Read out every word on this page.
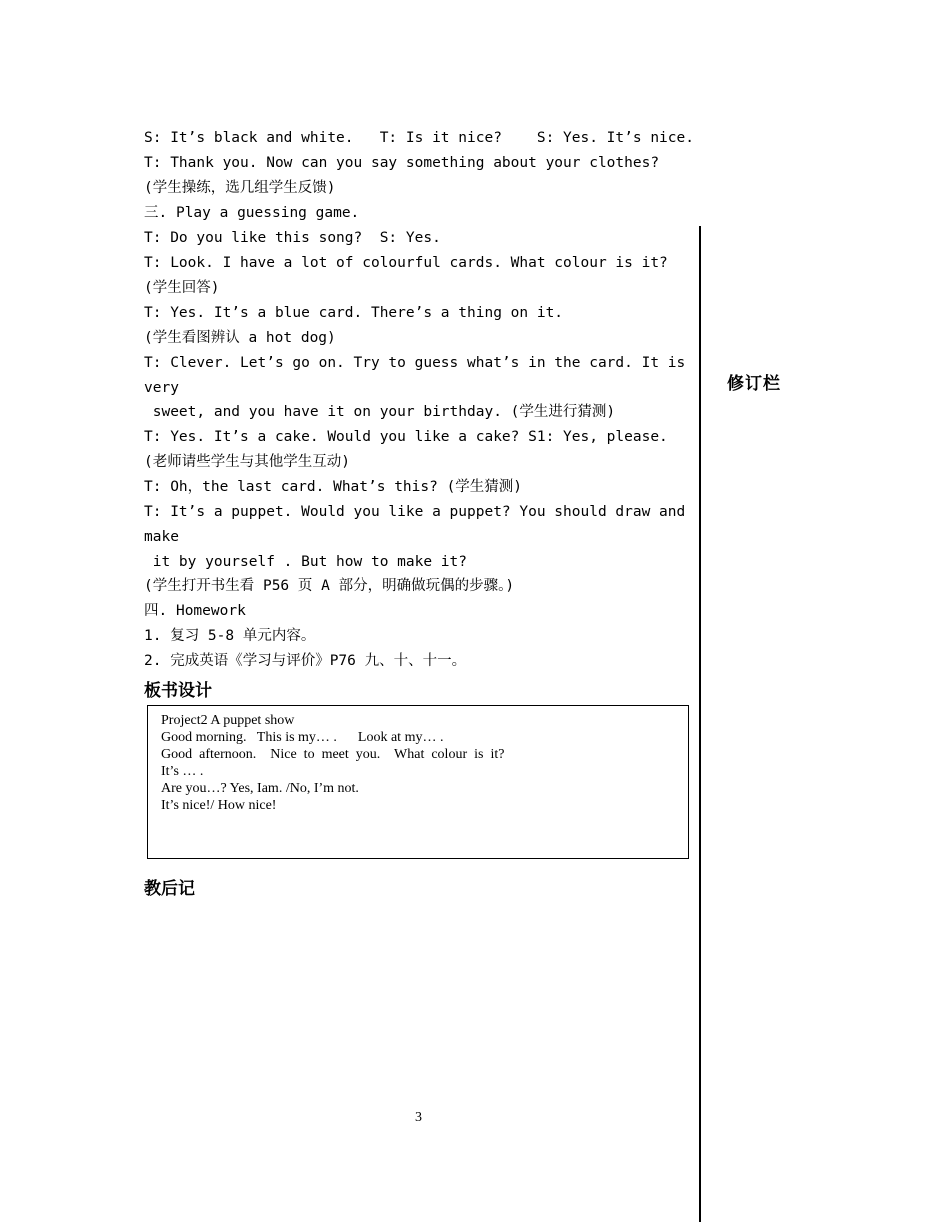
修订栏
S: It’s black and white.   T: Is it nice?    S: Yes. It’s nice.
T: Thank you. Now can you say something about your clothes?
(学生操练，选几组学生反馈)
三. Play a guessing game.
T: Do you like this song?  S: Yes.
T: Look. I have a lot of colourful cards. What colour is it?
(学生回答)
T: Yes. It’s a blue card. There’s a thing on it.
(学生看图辨认 a hot dog)
T: Clever. Let’s go on. Try to guess what’s in the card. It is
very
sweet, and you have it on your birthday. (学生进行猜测)
T: Yes. It’s a cake. Would you like a cake? S1: Yes, please.
(老师请些学生与其他学生互动)
T: Oh，the last card. What’s this? (学生猜测)
T: It’s a puppet. Would you like a puppet? You should draw and
make
it by yourself . But how to make it?
(学生打开书生看 P56 页 A 部分，明确做玩偶的步骤。)
四. Homework
1. 复习 5-8 单元内容。
2. 完成英语《学习与评价》P76 九、十、十一。
板书设计
Project2 A puppet show
Good morning.   This is my… .      Look at my… .
Good  afternoon.    Nice  to  meet  you.    What  colour  is  it?
It’s … .
Are you…? Yes, Iam. /No, I’m not.
It’s nice!/ How nice!
教后记
3
